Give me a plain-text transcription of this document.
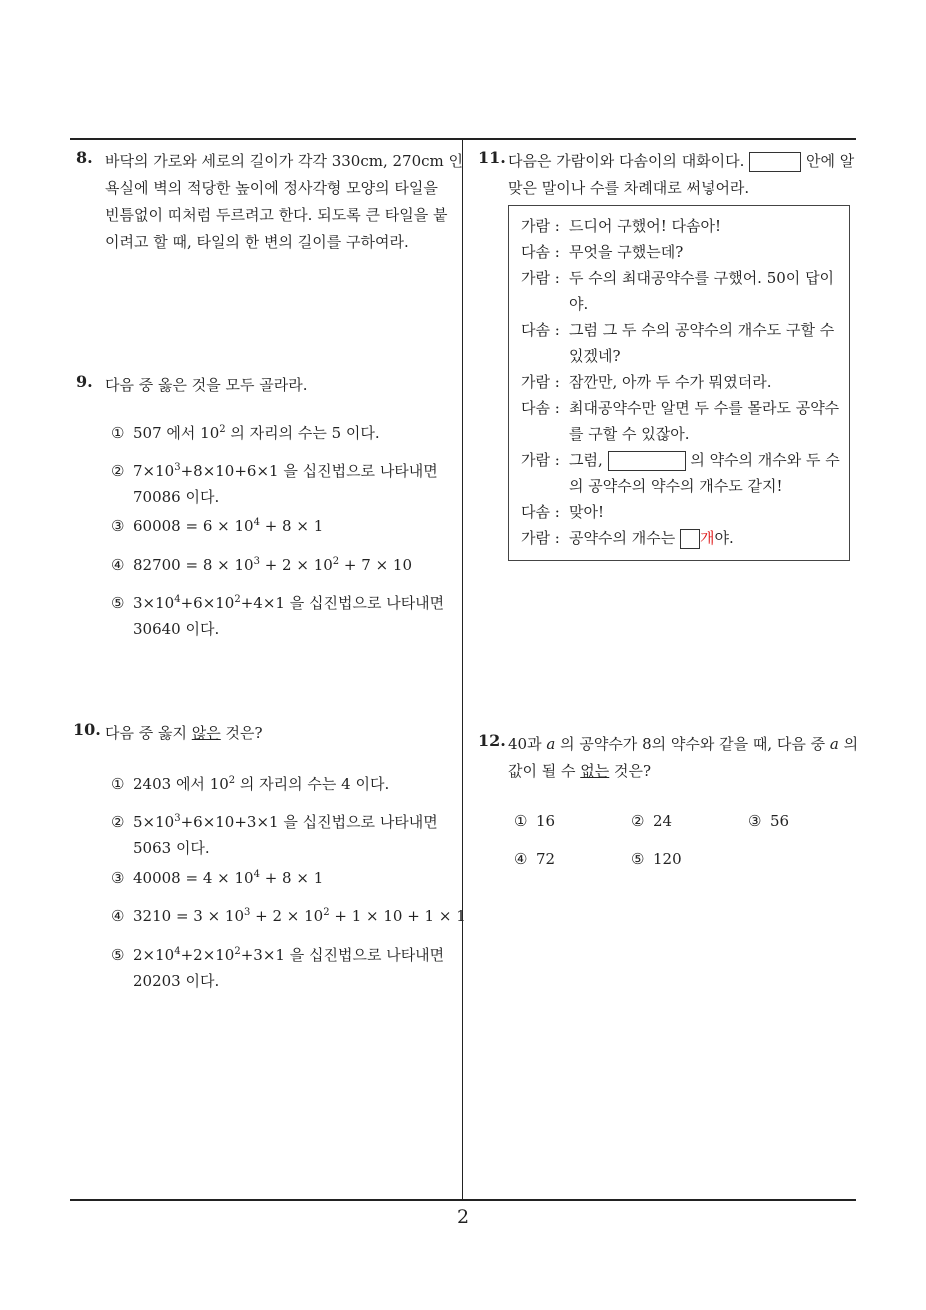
8. 바닥의 가로와 세로의 길이가 각각 330cm, 270cm 인
욕실에 벽의 적당한 높이에 정사각형 모양의 타일을
빈틈없이 띠처럼 두르려고 한다. 되도록 큰 타일을 붙
이려고 할 때, 타일의 한 변의 길이를 구하여라.
9. 다음 중 옳은 것을 모두 골라라.
① 507 에서 $10^2$ 의 자리의 수는 5 이다.
② $7\times 10^3+8\times 10+6\times 1$ 을 십진법으로 나타내면
70086 이다.
③ $60008 = 6 \times 10^4 + 8 \times 1$
④ $82700 = 8 \times 10^3 + 2 \times 10^2 + 7 \times 10$
⑤ $3\times 10^4+6\times 10^2+4\times 1$ 을 십진법으로 나타내면
30640 이다.
10. 다음 중 옳지 않은 것은?
① 2403 에서 $10^2$ 의 자리의 수는 4 이다.
② $5\times 10^3+6\times 10+3\times 1$ 을 십진법으로 나타내면
5063 이다.
③ $40008 = 4 \times 10^4 + 8 \times 1$
④ $3210 = 3 \times 10^3 + 2 \times 10^2 + 1 \times 10 + 1 \times 1$
⑤ $2\times 10^4+2\times 10^2+3\times 1$ 을 십진법으로 나타내면
20203 이다.
11. 다음은 가람이와 다솜이의 대화이다.	안에 알
맞은 말이나 수를 차례대로 써넣어라.
가람 : 드디어 구했어! 다솜아!
다솜 : 무엇을 구했는데?
가람 : 두 수의 최대공약수를 구했어. 50이 답이
야.
다솜 : 그럼 그 두 수의 공약수의 개수도 구할 수
있겠네?
가람 : 잠깐만, 아까 두 수가 뭐였더라.
다솜 : 최대공약수만 알면 두 수를 몰라도 공약수
를 구할 수 있잖아.
가람 : 그럼,	의 약수의 개수와 두 수
의 공약수의 약수의 개수도 같지!
다솜 : 맞아!
가람 : 공약수의 개수는 개야.
12. 40과 a 의 공약수가 8의 약수와 같을 때, 다음 중 a 의
값이 될 수 없는 것은?
① 16	② 24	③ 56
④ 72	⑤ 120
2
